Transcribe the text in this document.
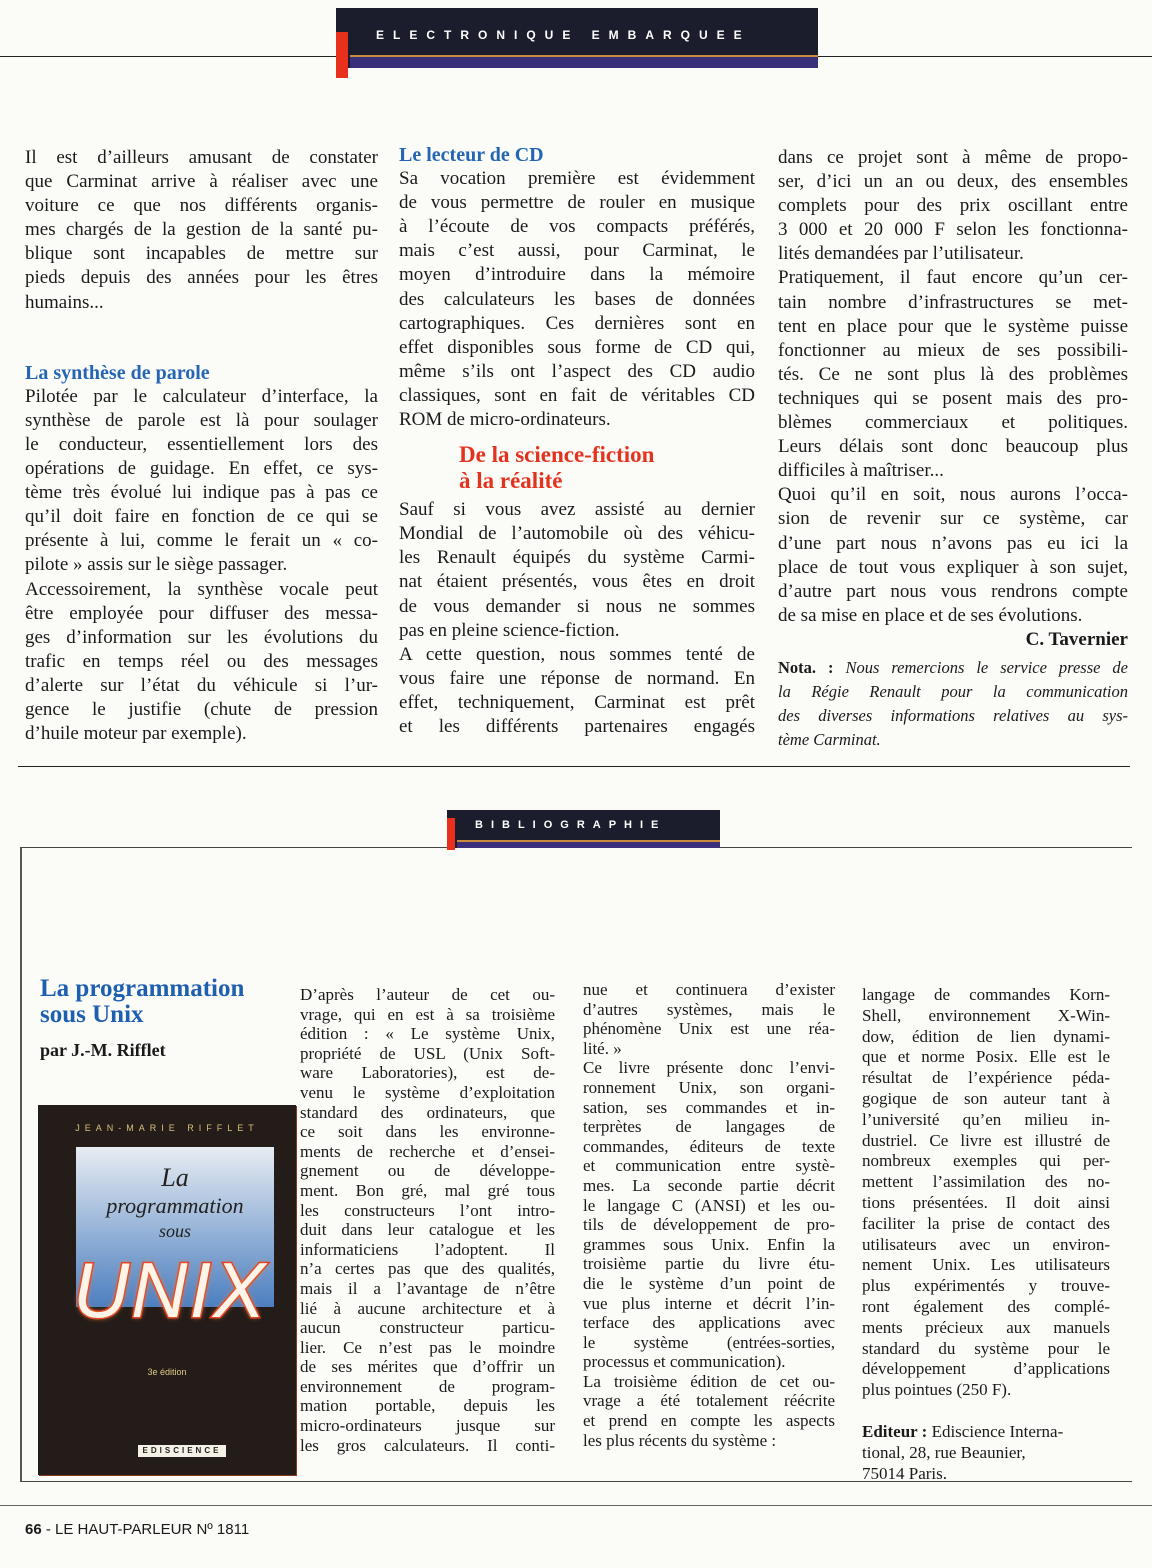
ELECTRONIQUE EMBARQUEE
Il est d’ailleurs amusant de constater
que Carminat arrive à réaliser avec une
voiture ce que nos différents organis-
mes chargés de la gestion de la santé pu-
blique sont incapables de mettre sur
pieds depuis des années pour les êtres
humains...
La synthèse de parole
Pilotée par le calculateur d’interface, la
synthèse de parole est là pour soulager
le conducteur, essentiellement lors des
opérations de guidage. En effet, ce sys-
tème très évolué lui indique pas à pas ce
qu’il doit faire en fonction de ce qui se
présente à lui, comme le ferait un « co-
pilote » assis sur le siège passager.
Accessoirement, la synthèse vocale peut
être employée pour diffuser des messa-
ges d’information sur les évolutions du
trafic en temps réel ou des messages
d’alerte sur l’état du véhicule si l’ur-
gence le justifie (chute de pression
d’huile moteur par exemple).
Le lecteur de CD
Sa vocation première est évidemment
de vous permettre de rouler en musique
à l’écoute de vos compacts préférés,
mais c’est aussi, pour Carminat, le
moyen d’introduire dans la mémoire
des calculateurs les bases de données
cartographiques. Ces dernières sont en
effet disponibles sous forme de CD qui,
même s’ils ont l’aspect des CD audio
classiques, sont en fait de véritables CD
ROM de micro-ordinateurs.
De la science-fiction
à la réalité
Sauf si vous avez assisté au dernier
Mondial de l’automobile où des véhicu-
les Renault équipés du système Carmi-
nat étaient présentés, vous êtes en droit
de vous demander si nous ne sommes
pas en pleine science-fiction.
A cette question, nous sommes tenté de
vous faire une réponse de normand. En
effet, techniquement, Carminat est prêt
et les différents partenaires engagés
dans ce projet sont à même de propo-
ser, d’ici un an ou deux, des ensembles
complets pour des prix oscillant entre
3 000 et 20 000 F selon les fonctionna-
lités demandées par l’utilisateur.
Pratiquement, il faut encore qu’un cer-
tain nombre d’infrastructures se met-
tent en place pour que le système puisse
fonctionner au mieux de ses possibili-
tés. Ce ne sont plus là des problèmes
techniques qui se posent mais des pro-
blèmes commerciaux et politiques.
Leurs délais sont donc beaucoup plus
difficiles à maîtriser...
Quoi qu’il en soit, nous aurons l’occa-
sion de revenir sur ce système, car
d’une part nous n’avons pas eu ici la
place de tout vous expliquer à son sujet,
d’autre part nous vous rendrons compte
de sa mise en place et de ses évolutions.
C. Tavernier
Nota. : Nous remercions le service presse de
la Régie Renault pour la communication
des diverses informations relatives au sys-
tème Carminat.
BIBLIOGRAPHIE
La programmation
sous Unix
par J.-M. Rifflet
JEAN-MARIE RIFFLET
La
programmation
sous
UNIX
3e édition
EDISCIENCE
D’après l’auteur de cet ou-
vrage, qui en est à sa troisième
édition : « Le système Unix,
propriété de USL (Unix Soft-
ware Laboratories), est de-
venu le système d’exploitation
standard des ordinateurs, que
ce soit dans les environne-
ments de recherche et d’ensei-
gnement ou de développe-
ment. Bon gré, mal gré tous
les constructeurs l’ont intro-
duit dans leur catalogue et les
informaticiens l’adoptent. Il
n’a certes pas que des qualités,
mais il a l’avantage de n’être
lié à aucune architecture et à
aucun constructeur particu-
lier. Ce n’est pas le moindre
de ses mérites que d’offrir un
environnement de program-
mation portable, depuis les
micro-ordinateurs jusque sur
les gros calculateurs. Il conti-
nue et continuera d’exister
d’autres systèmes, mais le
phénomène Unix est une réa-
lité. »
Ce livre présente donc l’envi-
ronnement Unix, son organi-
sation, ses commandes et in-
terprètes de langages de
commandes, éditeurs de texte
et communication entre systè-
mes. La seconde partie décrit
le langage C (ANSI) et les ou-
tils de développement de pro-
grammes sous Unix. Enfin la
troisième partie du livre étu-
die le système d’un point de
vue plus interne et décrit l’in-
terface des applications avec
le système (entrées-sorties,
processus et communication).
La troisième édition de cet ou-
vrage a été totalement réécrite
et prend en compte les aspects
les plus récents du système :
langage de commandes Korn-
Shell, environnement X-Win-
dow, édition de lien dynami-
que et norme Posix. Elle est le
résultat de l’expérience péda-
gogique de son auteur tant à
l’université qu’en milieu in-
dustriel. Ce livre est illustré de
nombreux exemples qui per-
mettent l’assimilation des no-
tions présentées. Il doit ainsi
faciliter la prise de contact des
utilisateurs avec un environ-
nement Unix. Les utilisateurs
plus expérimentés y trouve-
ront également des complé-
ments précieux aux manuels
standard du système pour le
développement d’applications
plus pointues (250 F).
Editeur : Ediscience Interna-
tional, 28, rue Beaunier,
75014 Paris.
66 - LE HAUT-PARLEUR Nº 1811
